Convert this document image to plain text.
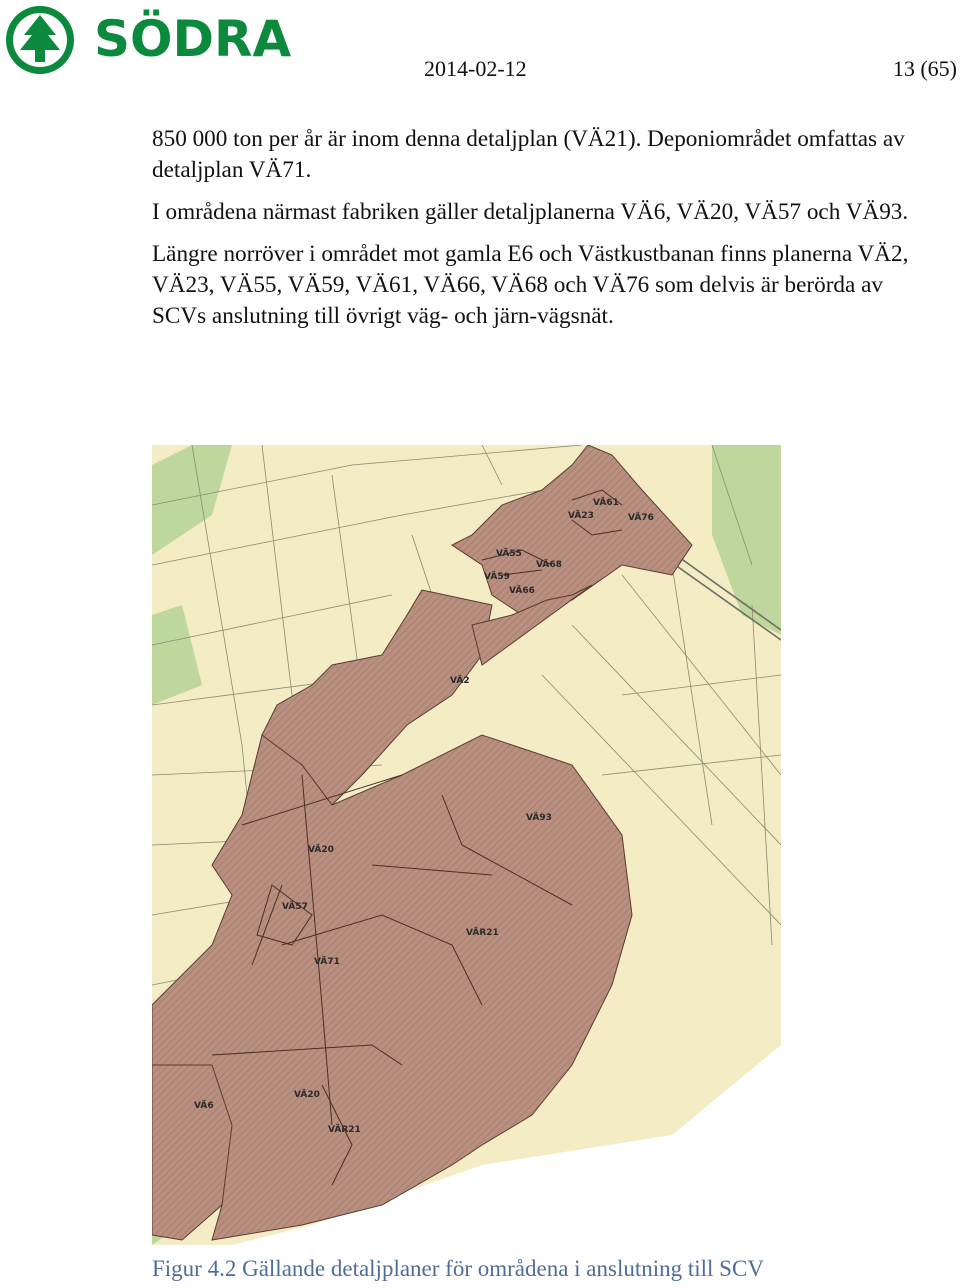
SÖDRA
2014-02-12	13 (65)

850 000 ton per år är inom denna detaljplan (VÄ21). Deponiområdet omfattas av detaljplan VÄ71.

I områdena närmast fabriken gäller detaljplanerna VÄ6, VÄ20, VÄ57 och VÄ93.

Längre norröver i området mot gamla E6 och Västkustbanan finns planerna VÄ2, VÄ23, VÄ55, VÄ59, VÄ61, VÄ66, VÄ68 och VÄ76 som delvis är berörda av SCVs anslutning till övrigt väg- och järn-vägsnät.

VÄ61
VÄ23	VÄ76
VÄ55
VÄ68
VÄ59
VÄ66
VÄ2
VÄ93
VÄ20
VÄ57
VÄR21
VÄ71
VÄ20
VÄ6
VÄR21
Figur 4.2 Gällande detaljplaner för områdena i anslutning till SCV
